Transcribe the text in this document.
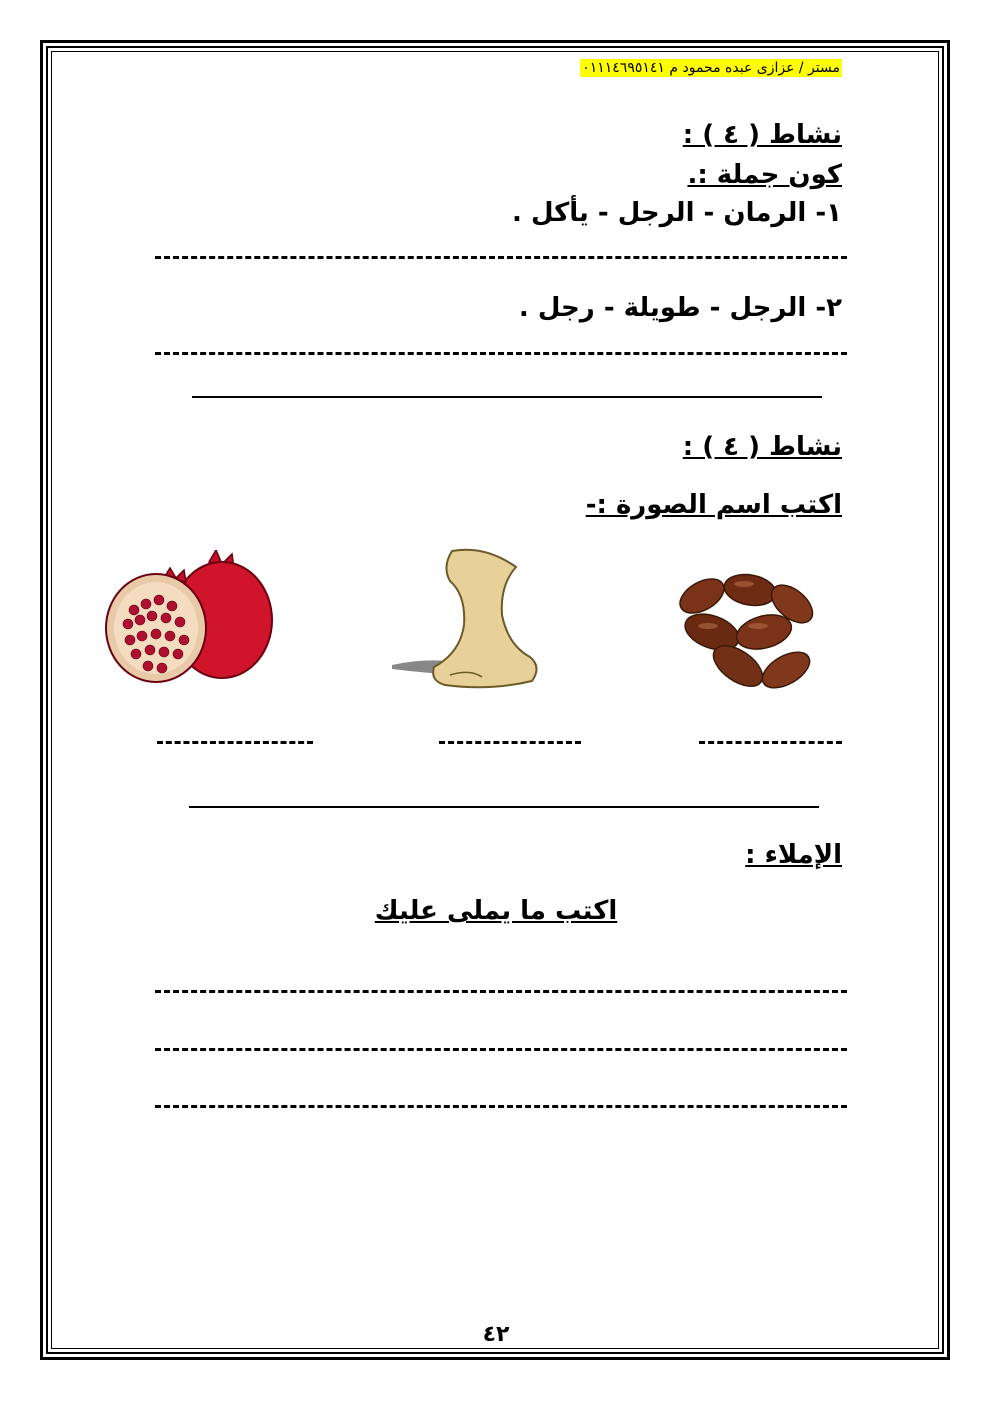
مستر / عزازى عبده محمود م ٠١١١٤٦٩٥١٤١
نشاط ( ٤ ) :
كون جملة :.
١- الرمان - الرجل - يأكل .
٢- الرجل - طويلة - رجل .
نشاط ( ٤ ) :
اكتب اسم الصورة :-
الإملاء :
اكتب ما يملى عليك
٤٢
